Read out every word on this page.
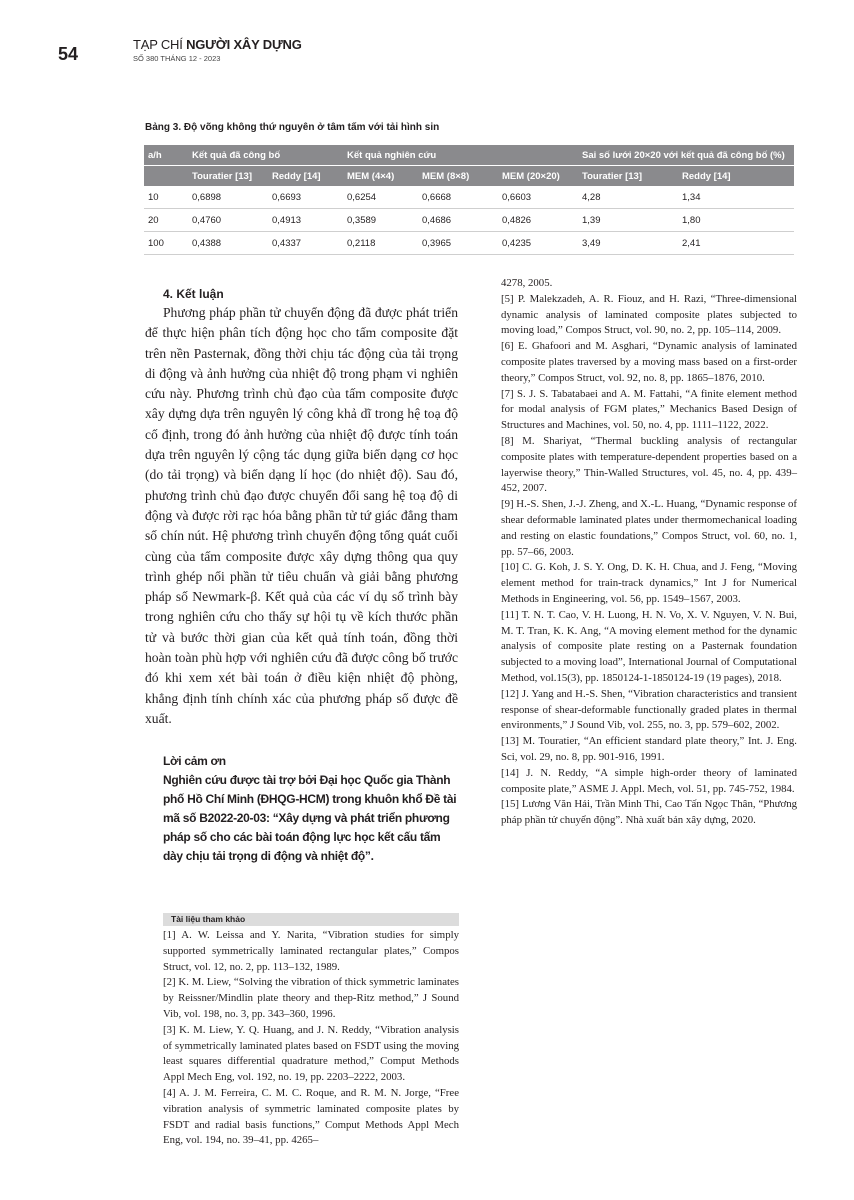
54	TẠP CHÍ NGƯỜI XÂY DỰNG
SỐ 380 THÁNG 12 - 2023
Bảng 3. Độ võng không thứ nguyên ở tâm tấm với tải hình sin
a/h	Kết quả đã công bố		Kết quả nghiên cứu			Sai số lưới 20×20 với kết quả đã công bố (%)	
	Touratier [13]	Reddy [14]	MEM (4×4)	MEM (8×8)	MEM (20×20)	Touratier [13]	Reddy [14]
10	0,6898	0,6693	0,6254	0,6668	0,6603	4,28	1,34
20	0,4760	0,4913	0,3589	0,4686	0,4826	1,39	1,80
100	0,4388	0,4337	0,2118	0,3965	0,4235	3,49	2,41
4. Kết luận

Phương pháp phần tử chuyển động đã được phát triển để thực hiện phân tích động học cho tấm composite đặt trên nền Pasternak, đồng thời chịu tác động của tải trọng di động và ảnh hưởng của nhiệt độ trong phạm vi nghiên cứu này. Phương trình chủ đạo của tấm composite được xây dựng dựa trên nguyên lý công khả dĩ trong hệ toạ độ cố định, trong đó ảnh hưởng của nhiệt độ được tính toán dựa trên nguyên lý cộng tác dụng giữa biến dạng cơ học (do tải trọng) và biến dạng lí học (do nhiệt độ). Sau đó, phương trình chủ đạo được chuyển đổi sang hệ toạ độ di động và được rời rạc hóa bằng phần tử tứ giác đẳng tham số chín nút. Hệ phương trình chuyển động tổng quát cuối cùng của tấm composite được xây dựng thông qua quy trình ghép nối phần tử tiêu chuẩn và giải bằng phương pháp số Newmark-β. Kết quả của các ví dụ số trình bày trong nghiên cứu cho thấy sự hội tụ về kích thước phần tử và bước thời gian của kết quả tính toán, đồng thời hoàn toàn phù hợp với nghiên cứu đã được công bố trước đó khi xem xét bài toán ở điều kiện nhiệt độ phòng, khẳng định tính chính xác của phương pháp số được đề xuất.

Lời cảm ơn
Nghiên cứu được tài trợ bởi Đại học Quốc gia Thành phố Hồ Chí Minh (ĐHQG-HCM) trong khuôn khổ Đề tài mã số B2022-20-03: “Xây dựng và phát triển phương pháp số cho các bài toán động lực học kết cấu tấm dày chịu tải trọng di động và nhiệt độ”.
Tài liệu tham khảo

[1] A. W. Leissa and Y. Narita, “Vibration studies for simply supported symmetrically laminated rectangular plates,” Compos Struct, vol. 12, no. 2, pp. 113–132, 1989.

[2] K. M. Liew, “Solving the vibration of thick symmetric laminates by Reissner/Mindlin plate theory and thep-Ritz method,” J Sound Vib, vol. 198, no. 3, pp. 343–360, 1996.

[3] K. M. Liew, Y. Q. Huang, and J. N. Reddy, “Vibration analysis of symmetrically laminated plates based on FSDT using the moving least squares differential quadrature method,” Comput Methods Appl Mech Eng, vol. 192, no. 19, pp. 2203–2222, 2003.

[4] A. J. M. Ferreira, C. M. C. Roque, and R. M. N. Jorge, “Free vibration analysis of symmetric laminated composite plates by FSDT and radial basis functions,” Comput Methods Appl Mech Eng, vol. 194, no. 39–41, pp. 4265–

4278, 2005.

[5] P. Malekzadeh, A. R. Fiouz, and H. Razi, “Three-dimensional dynamic analysis of laminated composite plates subjected to moving load,” Compos Struct, vol. 90, no. 2, pp. 105–114, 2009.

[6] E. Ghafoori and M. Asghari, “Dynamic analysis of laminated composite plates traversed by a moving mass based on a first-order theory,” Compos Struct, vol. 92, no. 8, pp. 1865–1876, 2010.

[7] S. J. S. Tabatabaei and A. M. Fattahi, “A finite element method for modal analysis of FGM plates,” Mechanics Based Design of Structures and Machines, vol. 50, no. 4, pp. 1111–1122, 2022.

[8] M. Shariyat, “Thermal buckling analysis of rectangular composite plates with temperature-dependent properties based on a layerwise theory,” Thin-Walled Structures, vol. 45, no. 4, pp. 439–452, 2007.

[9] H.-S. Shen, J.-J. Zheng, and X.-L. Huang, “Dynamic response of shear deformable laminated plates under thermomechanical loading and resting on elastic foundations,” Compos Struct, vol. 60, no. 1, pp. 57–66, 2003.

[10] C. G. Koh, J. S. Y. Ong, D. K. H. Chua, and J. Feng, “Moving element method for train-track dynamics,” Int J for Numerical Methods in Engineering, vol. 56, pp. 1549–1567, 2003.

[11] T. N. T. Cao, V. H. Luong, H. N. Vo, X. V. Nguyen, V. N. Bui, M. T. Tran, K. K. Ang, “A moving element method for the dynamic analysis of composite plate resting on a Pasternak foundation subjected to a moving load”, International Journal of Computational Method, vol.15(3), pp. 1850124-1-1850124-19 (19 pages), 2018.

[12] J. Yang and H.-S. Shen, “Vibration characteristics and transient response of shear-deformable functionally graded plates in thermal environments,” J Sound Vib, vol. 255, no. 3, pp. 579–602, 2002.

[13] M. Touratier, “An efficient standard plate theory,” Int. J. Eng. Sci, vol. 29, no. 8, pp. 901-916, 1991.

[14] J. N. Reddy, “A simple high-order theory of laminated composite plate,” ASME J. Appl. Mech, vol. 51, pp. 745-752, 1984.

[15] Lương Văn Hải, Trần Minh Thi, Cao Tấn Ngọc Thân, “Phương pháp phần tử chuyển động”. Nhà xuất bản xây dựng, 2020.
